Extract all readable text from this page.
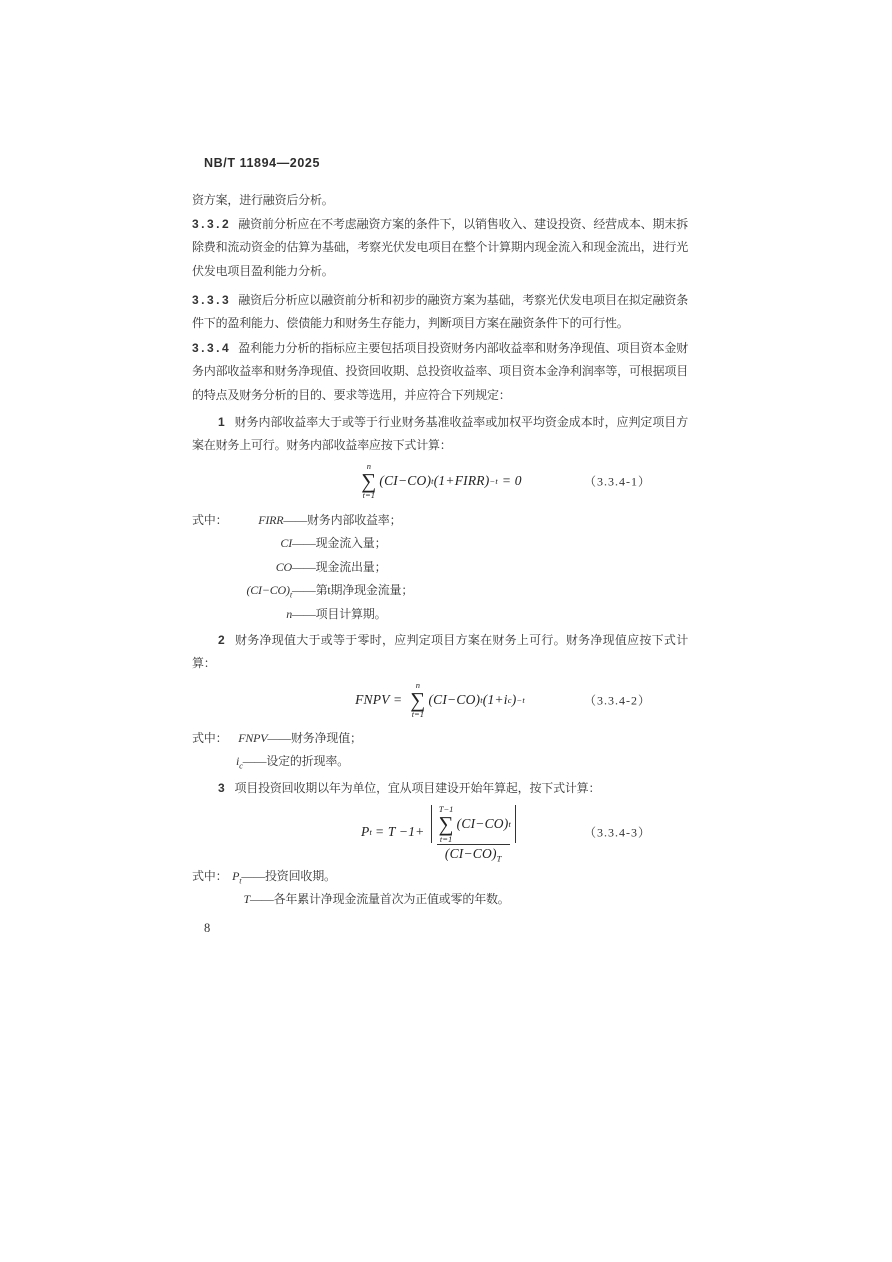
NB/T 11894—2025
资方案，进行融资后分析。
3.3.2 融资前分析应在不考虑融资方案的条件下，以销售收入、建设投资、经营成本、期末拆除费和流动资金的估算为基础，考察光伏发电项目在整个计算期内现金流入和现金流出，进行光伏发电项目盈利能力分析。
3.3.3 融资后分析应以融资前分析和初步的融资方案为基础，考察光伏发电项目在拟定融资条件下的盈利能力、偿债能力和财务生存能力，判断项目方案在融资条件下的可行性。
3.3.4 盈利能力分析的指标应主要包括项目投资财务内部收益率和财务净现值、项目资本金财务内部收益率和财务净现值、投资回收期、总投资收益率、项目资本金净利润率等，可根据项目的特点及财务分析的目的、要求等选用，并应符合下列规定：
1 财务内部收益率大于或等于行业财务基准收益率或加权平均资金成本时，应判定项目方案在财务上可行。财务内部收益率应按下式计算：
n
∑
t=1
(CI−CO) t (1+FIRR) −t = 0	（3.3.4-1）
式中：	FIRR ——财务内部收益率；
CI ——现金流入量；
CO ——现金流出量；
$(CI-CO)_t$ ——第t期净现金流量；
n ——项目计算期。
2 财务净现值大于或等于零时，应判定项目方案在财务上可行。财务净现值应按下式计算：
FNPV =
n
∑
t=1
(CI−CO) t (1+ i c ) −t	（3.3.4-2）
式中： FNPV ——财务净现值；
$i_c$ ——设定的折现率。
3 项目投资回收期以年为单位，宜从项目建设开始年算起，按下式计算：
P t = T −1+
T−1
∑
t=1
(CI−CO) t
$(CI-CO)_T$
（3.3.4-3）
式中： $P_t$ ——投资回收期。
T ——各年累计净现金流量首次为正值或零的年数。
8
